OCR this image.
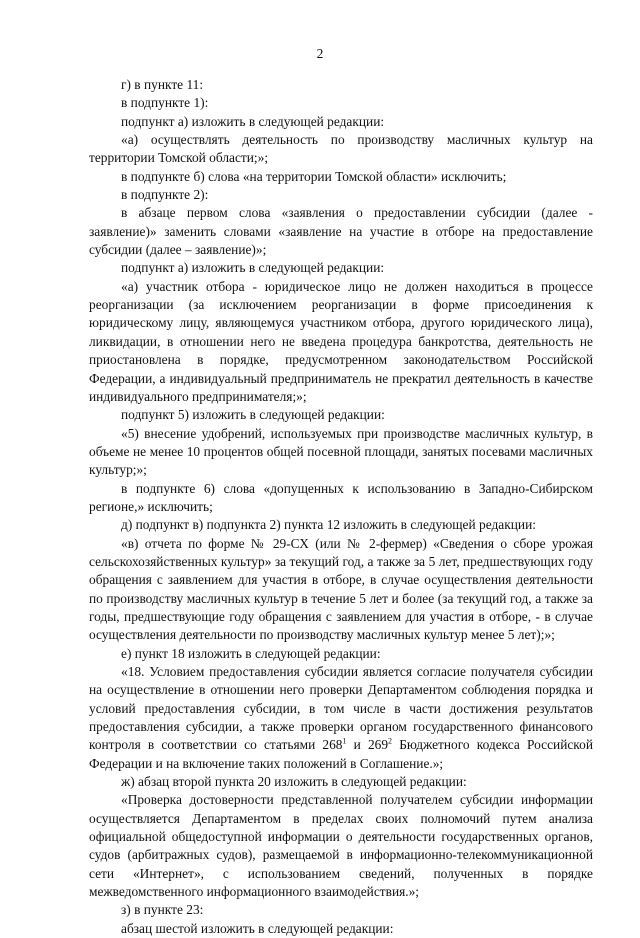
2

г) в пункте 11:

в подпункте 1):

подпункт а) изложить в следующей редакции:

«а) осуществлять деятельность по производству масличных культур на территории Томской области;»;

в подпункте б) слова «на территории Томской области» исключить;

в подпункте 2):

в абзаце первом слова «заявления о предоставлении субсидии (далее - заявление)» заменить словами «заявление на участие в отборе на предоставление субсидии (далее – заявление)»;

подпункт а) изложить в следующей редакции:

«а) участник отбора - юридическое лицо не должен находиться в процессе реорганизации (за исключением реорганизации в форме присоединения к юридическому лицу, являющемуся участником отбора, другого юридического лица), ликвидации, в отношении него не введена процедура банкротства, деятельность не приостановлена в порядке, предусмотренном законодательством Российской Федерации, а индивидуальный предприниматель не прекратил деятельность в качестве индивидуального предпринимателя;»;

подпункт 5) изложить в следующей редакции:

«5) внесение удобрений, используемых при производстве масличных культур, в объеме не менее 10 процентов общей посевной площади, занятых посевами масличных культур;»;

в подпункте 6) слова «допущенных к использованию в Западно-Сибирском регионе,» исключить;

д) подпункт в) подпункта 2) пункта 12 изложить в следующей редакции:

«в) отчета по форме № 29-СХ (или № 2-фермер) «Сведения о сборе урожая сельскохозяйственных культур» за текущий год, а также за 5 лет, предшествующих году обращения с заявлением для участия в отборе, в случае осуществления деятельности по производству масличных культур в течение 5 лет и более (за текущий год, а также за годы, предшествующие году обращения с заявлением для участия в отборе, - в случае осуществления деятельности по производству масличных культур менее 5 лет);»;

е) пункт 18 изложить в следующей редакции:

«18. Условием предоставления субсидии является согласие получателя субсидии на осуществление в отношении него проверки Департаментом соблюдения порядка и условий предоставления субсидии, в том числе в части достижения результатов предоставления субсидии, а также проверки органом государственного финансового контроля в соответствии со статьями $268^1$ и $269^2$ Бюджетного кодекса Российской Федерации и на включение таких положений в Соглашение.»;

ж) абзац второй пункта 20 изложить в следующей редакции:

«Проверка достоверности представленной получателем субсидии информации осуществляется Департаментом в пределах своих полномочий путем анализа официальной общедоступной информации о деятельности государственных органов, судов (арбитражных судов), размещаемой в информационно-телекоммуникационной сети «Интернет», с использованием сведений, полученных в порядке межведомственного информационного взаимодействия.»;

з) в пункте 23:

абзац шестой изложить в следующей редакции:
